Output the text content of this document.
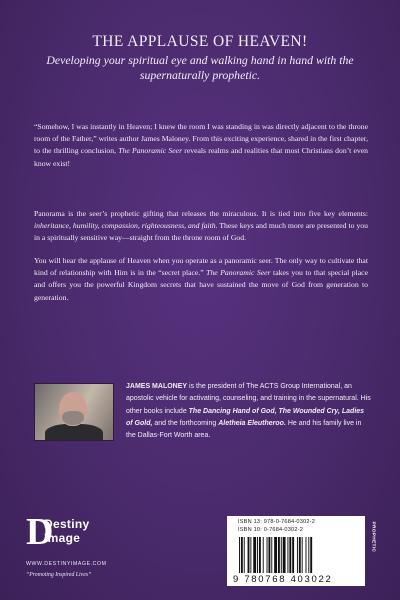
THE APPLAUSE OF HEAVEN!
Developing your spiritual eye and walking hand in hand with the supernaturally prophetic.

“Somehow, I was instantly in Heaven; I knew the room I was standing in was directly adjacent to the throne room of the Father,” writes author James Maloney. From this exciting experience, shared in the first chapter, to the thrilling conclusion, The Panoramic Seer reveals realms and realities that most Christians don’t even know exist!

Panorama is the seer’s prophetic gifting that releases the miraculous. It is tied into five key elements: inheritance, humility, compassion, righteousness, and faith. These keys and much more are presented to you in a spiritually sensitive way—straight from the throne room of God.

You will hear the applause of Heaven when you operate as a panoramic seer. The only way to cultivate that kind of relationship with Him is in the “secret place.” The Panoramic Seer takes you to that special place and offers you the powerful Kingdom secrets that have sustained the move of God from generation to generation.

JAMES MALONEY is the president of The ACTS Group International, an apostolic vehicle for activating, counseling, and training in the supernatural. His other books include The Dancing Hand of God, The Wounded Cry, Ladies of Gold, and the forthcoming Aletheia Eleutheroo. He and his family live in the Dallas-Fort Worth area.

D
Destiny
Image
WWW.DESTINYIMAGE.COM
“Promoting Inspired Lives”
ISBN 13: 978-0-7684-0302-2
ISBN 10: 0-7684-0302-2
9 780768 403022
PROPHETIC
